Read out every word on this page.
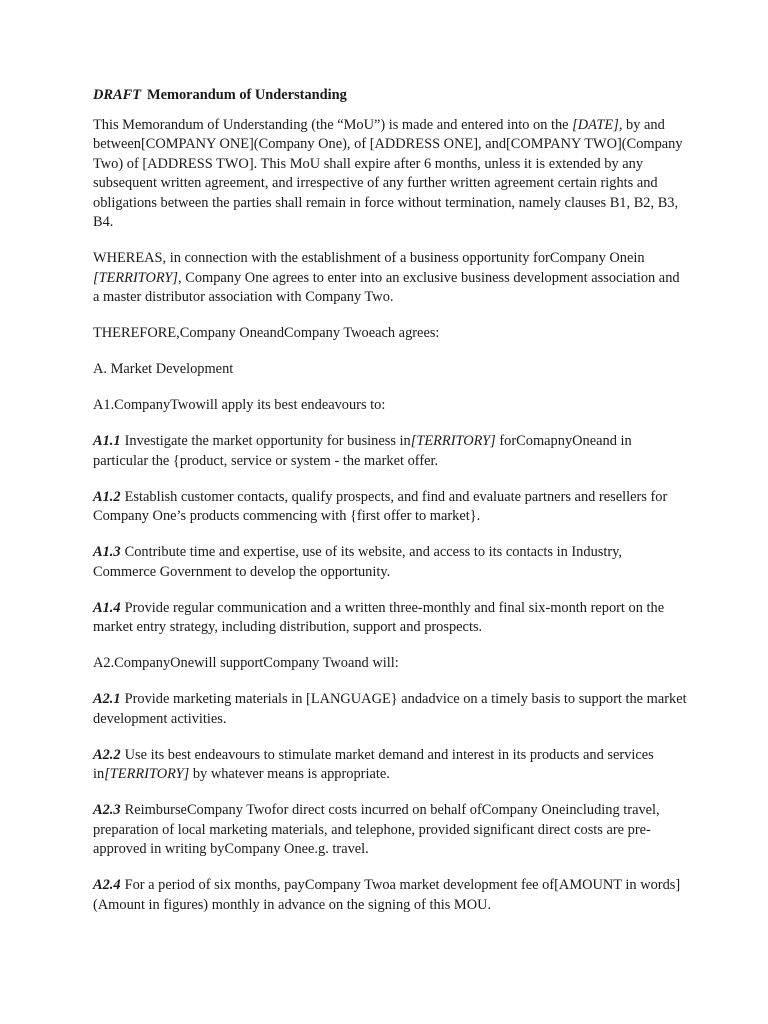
DRAFT Memorandum of Understanding

This Memorandum of Understanding (the “MoU”) is made and entered into on the [DATE], by and between[COMPANY ONE](Company One), of [ADDRESS ONE], and[COMPANY TWO](Company Two) of [ADDRESS TWO]. This MoU shall expire after 6 months, unless it is extended by any subsequent written agreement, and irrespective of any further written agreement certain rights and obligations between the parties shall remain in force without termination, namely clauses B1, B2, B3, B4.

WHEREAS, in connection with the establishment of a business opportunity forCompany Onein [TERRITORY], Company One agrees to enter into an exclusive business development association and a master distributor association with Company Two.

THEREFORE,Company OneandCompany Twoeach agrees:

A. Market Development

A1.CompanyTwowill apply its best endeavours to:

A1.1 Investigate the market opportunity for business in[TERRITORY] forComapnyOneand in particular the {product, service or system - the market offer.

A1.2 Establish customer contacts, qualify prospects, and find and evaluate partners and resellers for Company One’s products commencing with {first offer to market}.

A1.3 Contribute time and expertise, use of its website, and access to its contacts in Industry, Commerce Government to develop the opportunity.

A1.4 Provide regular communication and a written three-monthly and final six-month report on the market entry strategy, including distribution, support and prospects.

A2.CompanyOnewill supportCompany Twoand will:

A2.1 Provide marketing materials in [LANGUAGE} andadvice on a timely basis to support the market development activities.

A2.2 Use its best endeavours to stimulate market demand and interest in its products and services in[TERRITORY] by whatever means is appropriate.

A2.3 ReimburseCompany Twofor direct costs incurred on behalf ofCompany Oneincluding travel, preparation of local marketing materials, and telephone, provided significant direct costs are pre-approved in writing byCompany Onee.g. travel.

A2.4 For a period of six months, payCompany Twoa market development fee of[AMOUNT in words](Amount in figures) monthly in advance on the signing of this MOU.
